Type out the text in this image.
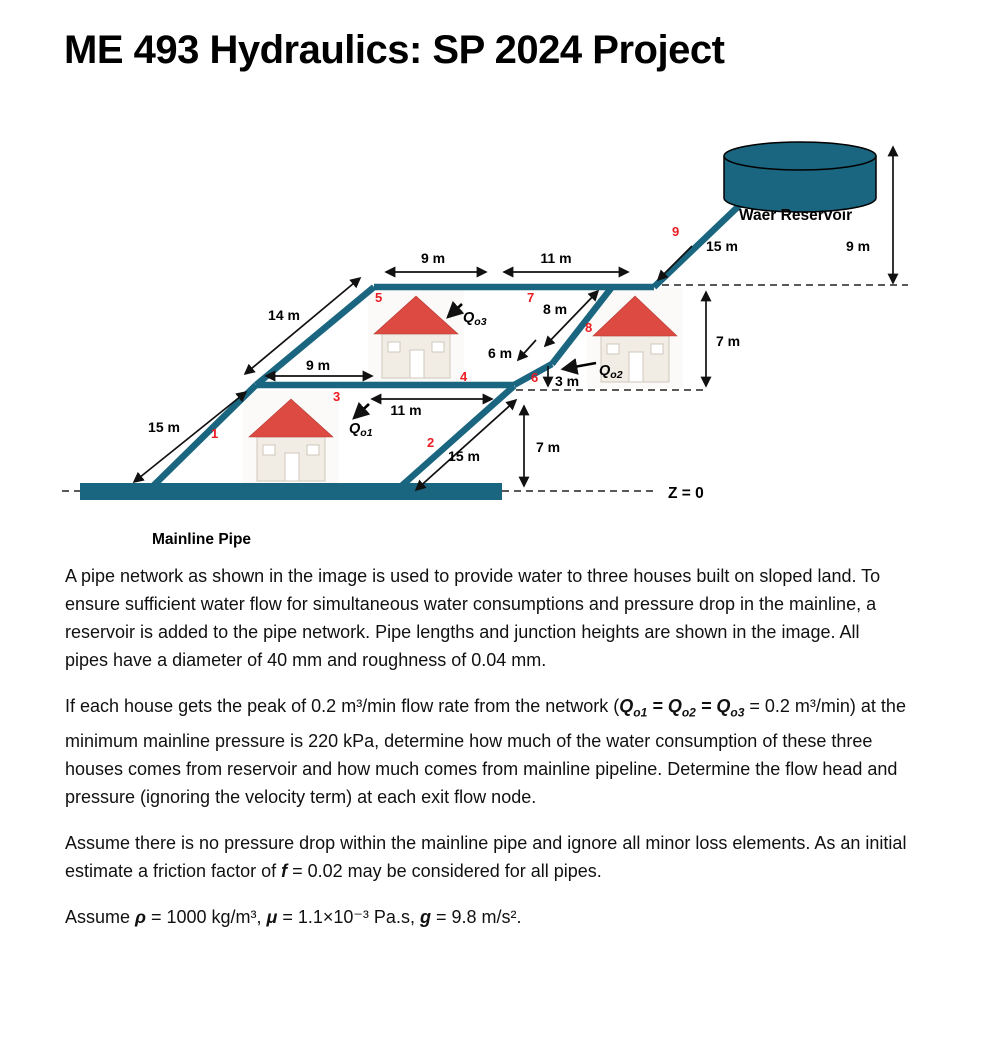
ME 493 Hydraulics: SP 2024 Project
9 m	11 m
9 m
15 m
14 m
9 m
11 m
15 m
15 m
7 m
7 m
8 m
6 m
3 m
1
2
3
4
5
6
7
8
9
$Q_{o3}$
$Q_{o1}$
$Q_{o2}$
Waer Reservoir
Z = 0
Mainline Pipe

A pipe network as shown in the image is used to provide water to three houses built on sloped land. To ensure sufficient water flow for simultaneous water consumptions and pressure drop in the mainline, a reservoir is added to the pipe network. Pipe lengths and junction heights are shown in the image. All pipes have a diameter of 40 mm and roughness of 0.04 mm.

If each house gets the peak of 0.2 m³/min flow rate from the network ($Q_{o1} = Q_{o2} = Q_{o3} = 0.2$ m³/min) at the minimum mainline pressure is 220 kPa, determine how much of the water consumption of these three houses comes from reservoir and how much comes from mainline pipeline. Determine the flow head and pressure (ignoring the velocity term) at each exit flow node.

Assume there is no pressure drop within the mainline pipe and ignore all minor loss elements. As an initial estimate a friction factor of f = 0.02 may be considered for all pipes.

Assume ρ = 1000 kg/m³, μ = 1.1×10⁻³ Pa.s, g = 9.8 m/s².
